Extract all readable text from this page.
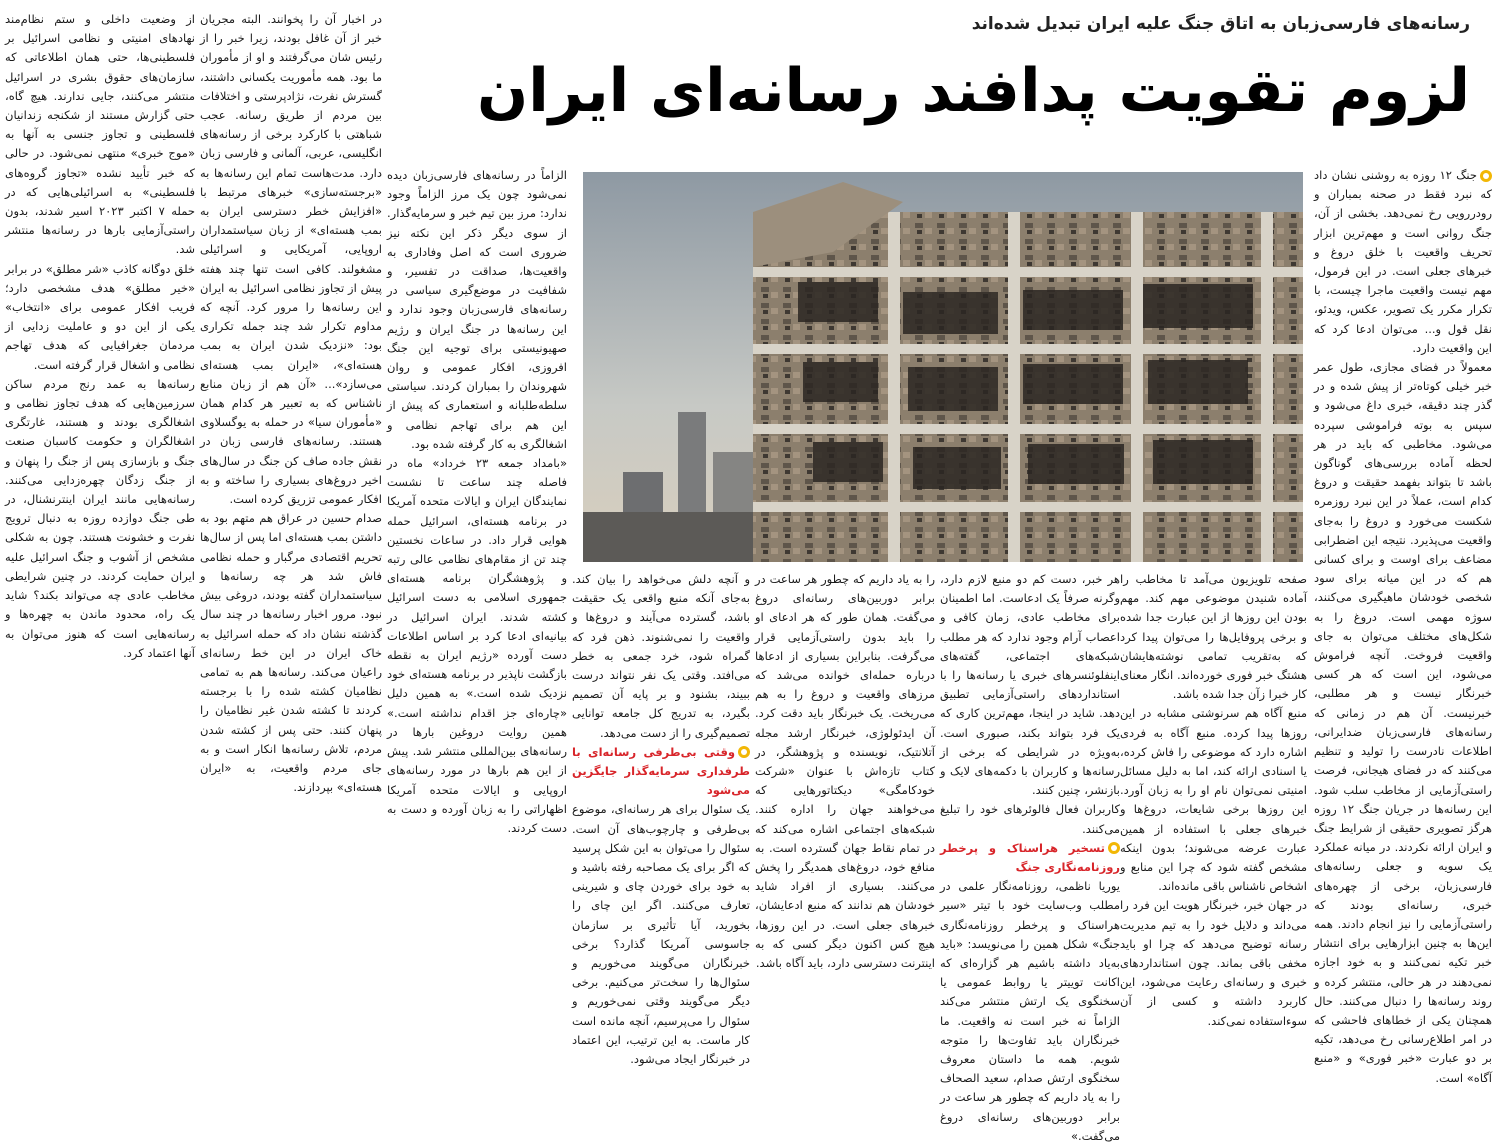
رسانه‌های فارسی‌زبان به اتاق جنگ علیه ایران تبدیل شده‌اند
لزوم تقویت پدافند رسانه‌ای ایران

جنگ ۱۲ روزه به روشنی نشان داد که نبرد فقط در صحنه بمباران و رودررویی رخ نمی‌دهد. بخشی از آن، جنگ روانی است و مهم‌ترین ابزار تحریف واقعیت با خلق دروغ و خبرهای جعلی است. در این فرمول، مهم نیست واقعیت ماجرا چیست، با تکرار مکرر یک تصویر، عکس، ویدئو، نقل قول و... می‌توان ادعا کرد که این واقعیت دارد.

معمولاً در فضای مجازی، طول عمر خبر خیلی کوتاه‌تر از پیش شده و در گذر چند دقیقه، خبری داغ می‌شود و سپس به بوته فراموشی سپرده می‌شود. مخاطبی که باید در هر لحظه آماده بررسی‌های گوناگون باشد تا بتواند بفهمد حقیقت و دروغ کدام است، عملاً در این نبرد روزمره شکست می‌خورد و دروغ را به‌جای واقعیت می‌پذیرد. نتیجه این اضطرابی مضاعف برای اوست و برای کسانی هم که در این میانه برای سود شخصی خودشان ماهیگیری می‌کنند، سوژه مهمی است. دروغ را به شکل‌های مختلف می‌توان به جای واقعیت فروخت. آنچه فراموش می‌شود، این است که هر کسی خبرنگار نیست و هر مطلبی، خبرنیست. آن هم در زمانی که رسانه‌های فارسی‌زبان ضدایرانی، اطلاعات نادرست را تولید و تنظیم می‌کنند که در فضای هیجانی، فرصت راستی‌آزمایی از مخاطب سلب شود. این رسانه‌ها در جریان جنگ ۱۲ روزه هرگز تصویری حقیقی از شرایط جنگ و ایران ارائه نکردند. در میانه عملکرد یک سویه و جعلی رسانه‌های فارسی‌زبان، برخی از چهره‌های خبری، رسانه‌ای بودند که راستی‌آزمایی را نیز انجام دادند. همه این‌ها به چنین ابزارهایی برای انتشار خبر تکیه نمی‌کنند و به خود اجازه نمی‌دهند در هر حالی، منتشر کرده و روند رسانه‌ها را دنبال می‌کنند. حال همچنان یکی از خطاهای فاحشی که در امر اطلاع‌رسانی رخ می‌دهد، تکیه بر دو عبارت «خبر فوری» و «منبع آگاه» است.

صفحه تلویزیون می‌آمد تا مخاطب را آماده شنیدن موضوعی مهم کند. مهم بودن این روزها از این عبارت جدا شده و برخی پروفایل‌ها را می‌توان پیدا کرد که به‌تقریب تمامی نوشته‌هایشان هشتگ خبر فوری خورده‌اند. انگار معنای کار خبرا زآن جدا شده باشد.

منبع آگاه هم سرنوشتی مشابه در این روزها پیدا کرده. منبع آگاه به فردی اشاره دارد که موضوعی را فاش کرده، یا اسنادی ارائه کند، اما به دلیل مسائل امنیتی نمی‌توان نام او را به زبان آورد. این روزها برخی شایعات، دروغ‌ها و خبرهای جعلی با استفاده از همین عبارت عرضه می‌شوند؛ بدون اینکه مشخص گفته شود که چرا این منابع و اشخاص ناشناس باقی مانده‌اند.

در جهان خبر، خبرنگار هویت این فرد را می‌داند و دلایل خود را به تیم مدیریت رسانه توضیح می‌دهد که چرا او باید مخفی باقی بماند. چون استانداردهای خبری و رسانه‌ای رعایت می‌شود، این کاربرد داشته و کسی از آن سوءاستفاده نمی‌کند.

هر خبر، دست کم دو منبع لازم دارد، وگرنه صرفاً یک ادعاست. اما اطمینان برای مخاطب عادی، زمان کافی و اعصاب آرام وجود ندارد که هر مطلب شبکه‌های اجتماعی، گفته‌های اینفلوئنسرهای خبری یا رسانه‌ها را با استانداردهای راستی‌آزمایی تطبیق دهد. شاید در اینجا، مهم‌ترین کاری که یک فرد بتواند بکند، صبوری است. به‌ویژه در شرایطی که برخی از رسانه‌ها و کاربران با دکمه‌های لایک و بازنشر، چنین کنند.

کاربران فعال فالوئرهای خود را تبلیغ می‌کنند.

تسخیر هراسناک و پرخطر روزنامه‌نگاری جنگ

یوریا ناظمی، روزنامه‌نگار علمی در مطلب وب‌سایت خود با تیتر «سیر هراسناک و پرخطر روزنامه‌نگاری جنگ» شکل همین را می‌نویسد: «باید به‌یاد داشته باشیم هر گزاره‌ای که اکانت توییتر یا روابط عمومی یا سخنگوی یک ارتش منتشر می‌کند الزاماً نه خبر است نه واقعیت. ما خبرنگاران باید تفاوت‌ها را متوجه شویم. همه ما داستان معروف سخنگوی ارتش صدام، سعید الصحاف را به یاد داریم که چطور هر ساعت در برابر دوربین‌های رسانه‌ای دروغ می‌گفت.»

را به یاد داریم که چطور هر ساعت در برابر دوربین‌های رسانه‌ای دروغ می‌گفت. همان طور که هر ادعای او را باید بدون راستی‌آزمایی قرار می‌گرفت. بنابراین بسیاری از ادعاها درباره حمله‌ای خوانده می‌شد که مرزهای واقعیت و دروغ را به هم می‌ریخت. یک خبرنگار باید دقت کرد. آن ایدئولوژی، خبرنگار ارشد مجله آتلانتیک، نویسنده و پژوهشگر، در کتاب تازه‌اش با عنوان «شرکت خودکامگی» دیکتاتورهایی که می‌خواهند جهان را اداره کنند. شبکه‌های اجتماعی اشاره می‌کند که در تمام نقاط جهان گسترده است. به منافع خود، دروغ‌های همدیگر را پخش می‌کنند. بسیاری از افراد شاید خودشان هم ندانند که منبع ادعایشان، خبرهای جعلی است. در این روزها، هیچ کس اکنون دیگر کسی که به اینترنت دسترسی دارد، باید آگاه باشد.

و آنچه دلش می‌خواهد را بیان کند. به‌جای آنکه منبع واقعی یک حقیقت باشد، گسترده می‌آیند و دروغ‌ها و واقعیت را نمی‌شنوند. ذهن فرد که گمراه شود، خرد جمعی به خطر می‌افتد. وقتی یک نفر نتواند درست ببیند، بشنود و بر پایه آن تصمیم بگیرد، به تدریج کل جامعه توانایی تصمیم‌گیری را از دست می‌دهد.

وقتی بی‌طرفی رسانه‌ای با طرفداری سرمایه‌گذار جایگزین می‌شود

یک سئوال برای هر رسانه‌ای، موضوع بی‌طرفی و چارچوب‌های آن است. سئوال را می‌توان به این شکل پرسید که اگر برای یک مصاحبه رفته باشید و به خود برای خوردن چای و شیرینی تعارف می‌کنند. اگر این چای را بخورید، آیا تأثیری بر سازمان جاسوسی آمریکا گذارد؟ برخی خبرنگاران می‌گویند می‌خوریم و سئوال‌ها را سخت‌تر می‌کنیم. برخی دیگر می‌گویند وقتی نمی‌خوریم و سئوال را می‌پرسیم، آنچه مانده است کار ماست. به این ترتیب، این اعتماد در خبرنگار ایجاد می‌شود.

الزاماً در رسانه‌های فارسی‌زبان دیده نمی‌شود چون یک مرز الزاماً وجود ندارد: مرز بین تیم خبر و سرمایه‌گذار. از سوی دیگر ذکر این نکته نیز ضروری است که اصل وفاداری به واقعیت‌ها، صداقت در تفسیر، و شفافیت در موضع‌گیری سیاسی در رسانه‌های فارسی‌زبان وجود ندارد و این رسانه‌ها در جنگ ایران و رژیم صهیونیستی برای توجیه این جنگ افروزی، افکار عمومی و روان شهروندان را بمباران کردند. سیاستی سلطه‌طلبانه و استعماری که پیش از این هم برای تهاجم نظامی و اشغالگری به کار گرفته شده بود.

«بامداد جمعه ۲۳ خرداد» ماه در فاصله چند ساعت تا نشست نمایندگان ایران و ایالات متحده آمریکا در برنامه هسته‌ای، اسرائیل حمله هوایی قرار داد. در ساعات نخستین چند تن از مقام‌های نظامی عالی رتبه و پژوهشگران برنامه هسته‌ای جمهوری اسلامی به دست اسرائیل کشته شدند. ایران اسرائیل در بیانیه‌ای ادعا کرد بر اساس اطلاعات دست آورده «رژیم ایران به نقطه بازگشت ناپذیر در برنامه هسته‌ای خود نزدیک شده است.» به همین دلیل «چاره‌ای جز اقدام نداشته است.» همین روایت دروغین بارها در رسانه‌های بین‌المللی منتشر شد. پیش از این هم بارها در مورد رسانه‌های اروپایی و ایالات متحده آمریکا اظهاراتی را به زبان آورده و دست به دست کردند.

در اخبار آن را پخوانند. البته مجریان خبر از آن غافل بودند، زیرا خبر را از رئیس شان می‌گرفتند و او از مأموران ما بود. همه مأموریت یکسانی داشتند، گسترش نفرت، نژادپرستی و اختلافات بین مردم از طریق رسانه. عجب شباهتی با کارکرد برخی از رسانه‌های انگلیسی، عربی، آلمانی و فارسی زبان دارد. مدت‌هاست تمام این رسانه‌ها به «برجسته‌سازی» خبرهای مرتبط با «افزایش خطر دسترسی ایران به بمب هسته‌ای» از زبان سیاستمداران اروپایی، آمریکایی و اسرائیلی مشغولند. کافی است تنها چند هفته پیش از تجاوز نظامی اسرائیل به ایران این رسانه‌ها را مرور کرد. آنچه که مداوم تکرار شد چند جمله تکراری بود: «نزدیک شدن ایران به بمب هسته‌ای»، «ایران بمب هسته‌ای می‌سازد»... «آن هم از زبان منابع ناشناس که به تعبیر هر کدام همان «مأموران سیا» در حمله به یوگسلاوی هستند. رسانه‌های فارسی زبان در نقش جاده صاف کن جنگ در سال‌های اخیر دروغ‌های بسیاری را ساخته و به افکار عمومی تزریق کرده است.

صدام حسین در عراق هم متهم بود به داشتن بمب هسته‌ای اما پس از سال‌ها تحریم اقتصادی مرگبار و حمله نظامی فاش شد هر چه رسانه‌ها و سیاستمداران گفته بودند، دروغی بیش نبود. مرور اخبار رسانه‌ها در چند سال گذشته نشان داد که حمله اسرائیل به خاک ایران در این خط رسانه‌ای راعیان می‌کند. رسانه‌ها هم به تمامی نظامیان کشته شده را با برجسته کردند تا کشته شدن غیر نظامیان را پنهان کنند. حتی پس از کشته شدن مردم، تلاش رسانه‌ها انکار است و به جای مردم واقعیت، به «ایران هسته‌ای» بپردازند.

از وضعیت داخلی و ستم نظام‌مند نهادهای امنیتی و نظامی اسرائیل بر فلسطینی‌ها، حتی همان اطلاعاتی که سازمان‌های حقوق بشری در اسرائیل منتشر می‌کنند، جایی ندارند. هیچ گاه، حتی گزارش مستند از شکنجه زندانیان فلسطینی و تجاوز جنسی به آنها به «موج خبری» منتهی نمی‌شود. در حالی که خبر تأیید نشده «تجاوز گروه‌های فلسطینی» به اسرائیلی‌هایی که در حمله ۷ اکتبر ۲۰۲۳ اسیر شدند، بدون راستی‌آزمایی بارها در رسانه‌ها منتشر شد.

خلق دوگانه کاذب «شر مطلق» در برابر «خیر مطلق» هدف مشخصی دارد؛ فریب افکار عمومی برای «انتخاب» یکی از این دو و عاملیت زدایی از مردمان جغرافیایی که هدف تهاجم نظامی و اشغال قرار گرفته است.

رسانه‌ها به عمد رنج مردم ساکن سرزمین‌هایی که هدف تجاوز نظامی و اشغالگری بودند و هستند، غارتگری اشغالگران و حکومت کاسبان صنعت جنگ و بازسازی پس از جنگ را پنهان و از جنگ زدگان چهره‌زدایی می‌کنند. رسانه‌هایی مانند ایران اینترنشنال، در طی جنگ دوازده روزه به دنبال ترویج نفرت و خشونت هستند. چون به شکلی مشخص از آشوب و جنگ اسرائیل علیه ایران حمایت کردند. در چنین شرایطی مخاطب عادی چه می‌تواند بکند؟ شاید یک راه، محدود ماندن به چهره‌ها و رسانه‌هایی است که هنوز می‌توان به آنها اعتماد کرد.
